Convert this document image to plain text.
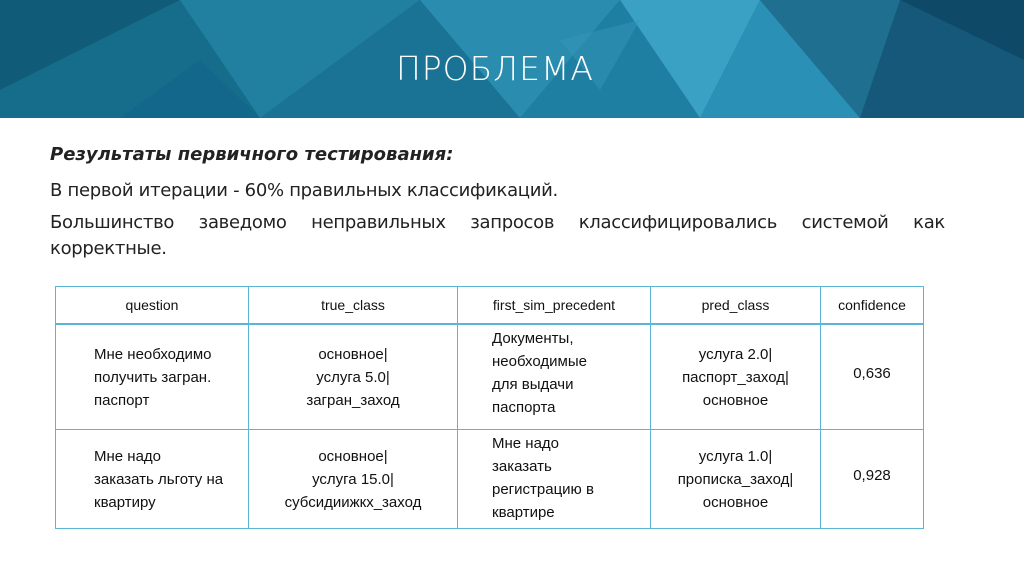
ПРОБЛЕМА

Результаты первичного тестирования:

В первой итерации - 60% правильных классификаций.

Большинство заведомо неправильных запросов классифицировались системой как корректные.

question	true_class	first_sim_precedent	pred_class	confidence

Мне необходимо
получить загран.
паспорт	основное|
услуга 5.0|
загран_заход	Документы,
необходимые
для выдачи
паспорта	услуга 2.0|
паспорт_заход|
основное	0,636

Мне надо
заказать льготу на
квартиру	основное|
услуга 15.0|
субсидиижкх_заход	Мне надо
заказать
регистрацию в
квартире	услуга 1.0|
прописка_заход|
основное	0,928
